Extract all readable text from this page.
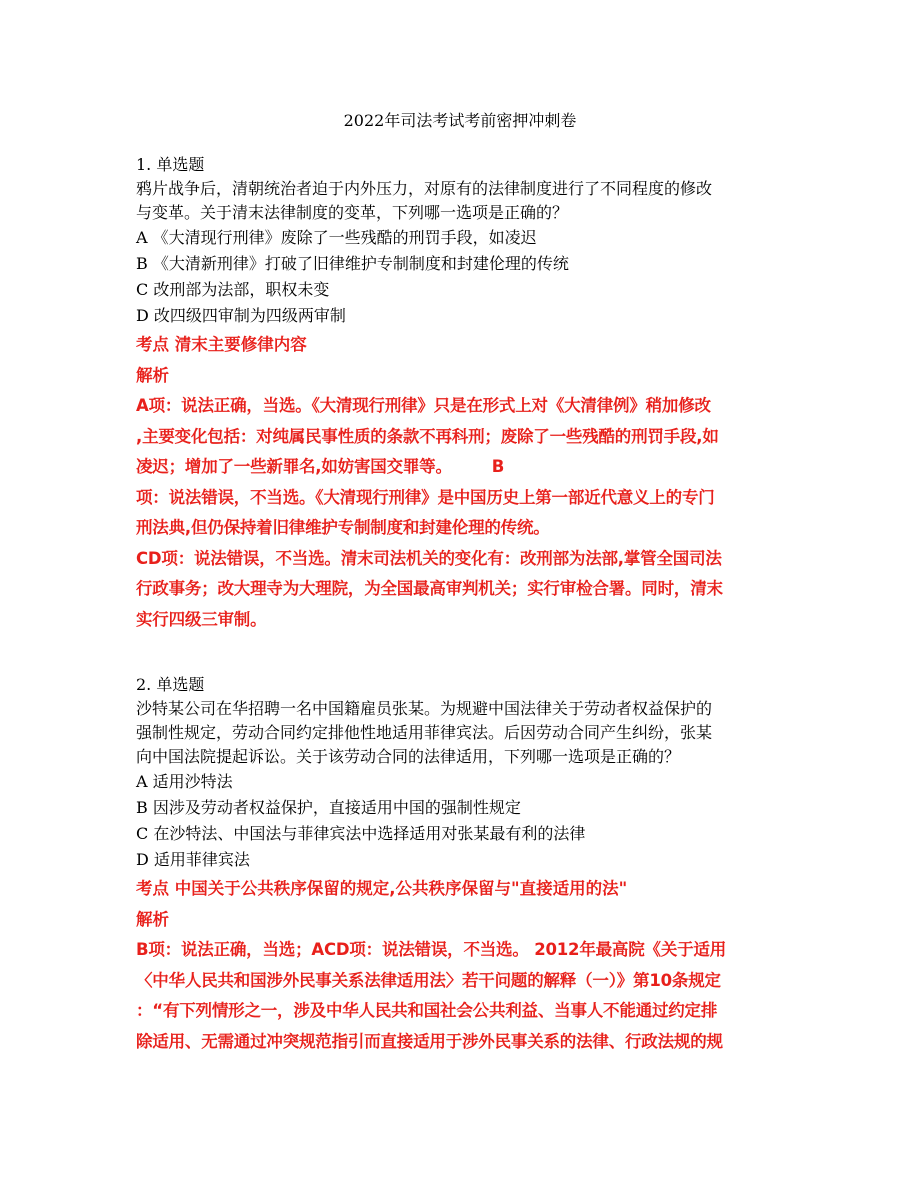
2022年司法考试考前密押冲刺卷
1. 单选题
鸦片战争后，清朝统治者迫于内外压力，对原有的法律制度进行了不同程度的修改
与变革。关于清末法律制度的变革，下列哪一选项是正确的？
A 《大清现行刑律》废除了一些残酷的刑罚手段，如凌迟
B 《大清新刑律》打破了旧律维护专制制度和封建伦理的传统
C 改刑部为法部，职权未变
D 改四级四审制为四级两审制
考点 清末主要修律内容
解析
A项：说法正确，当选。《大清现行刑律》只是在形式上对《大清律例》稍加修改
,主要变化包括：对纯属民事性质的条款不再科刑；废除了一些残酷的刑罚手段,如
凌迟；增加了一些新罪名,如妨害国交罪等。 B
项：说法错误，不当选。《大清现行刑律》是中国历史上第一部近代意义上的专门
刑法典,但仍保持着旧律维护专制制度和封建伦理的传统。
CD项：说法错误，不当选。清末司法机关的变化有：改刑部为法部,掌管全国司法
行政事务；改大理寺为大理院，为全国最高审判机关；实行审检合署。同时，清末
实行四级三审制。
2. 单选题
沙特某公司在华招聘一名中国籍雇员张某。为规避中国法律关于劳动者权益保护的
强制性规定，劳动合同约定排他性地适用菲律宾法。后因劳动合同产生纠纷，张某
向中国法院提起诉讼。关于该劳动合同的法律适用，下列哪一选项是正确的？
A 适用沙特法
B 因涉及劳动者权益保护，直接适用中国的强制性规定
C 在沙特法、中国法与菲律宾法中选择适用对张某最有利的法律
D 适用菲律宾法
考点 中国关于公共秩序保留的规定,公共秩序保留与"直接适用的法"
解析
B项：说法正确，当选；ACD项：说法错误，不当选。 2012年最高院《关于适用
〈中华人民共和国涉外民事关系法律适用法〉若干问题的解释（一）》第10条规定
：“有下列情形之一，涉及中华人民共和国社会公共利益、当事人不能通过约定排
除适用、无需通过冲突规范指引而直接适用于涉外民事关系的法律、行政法规的规
